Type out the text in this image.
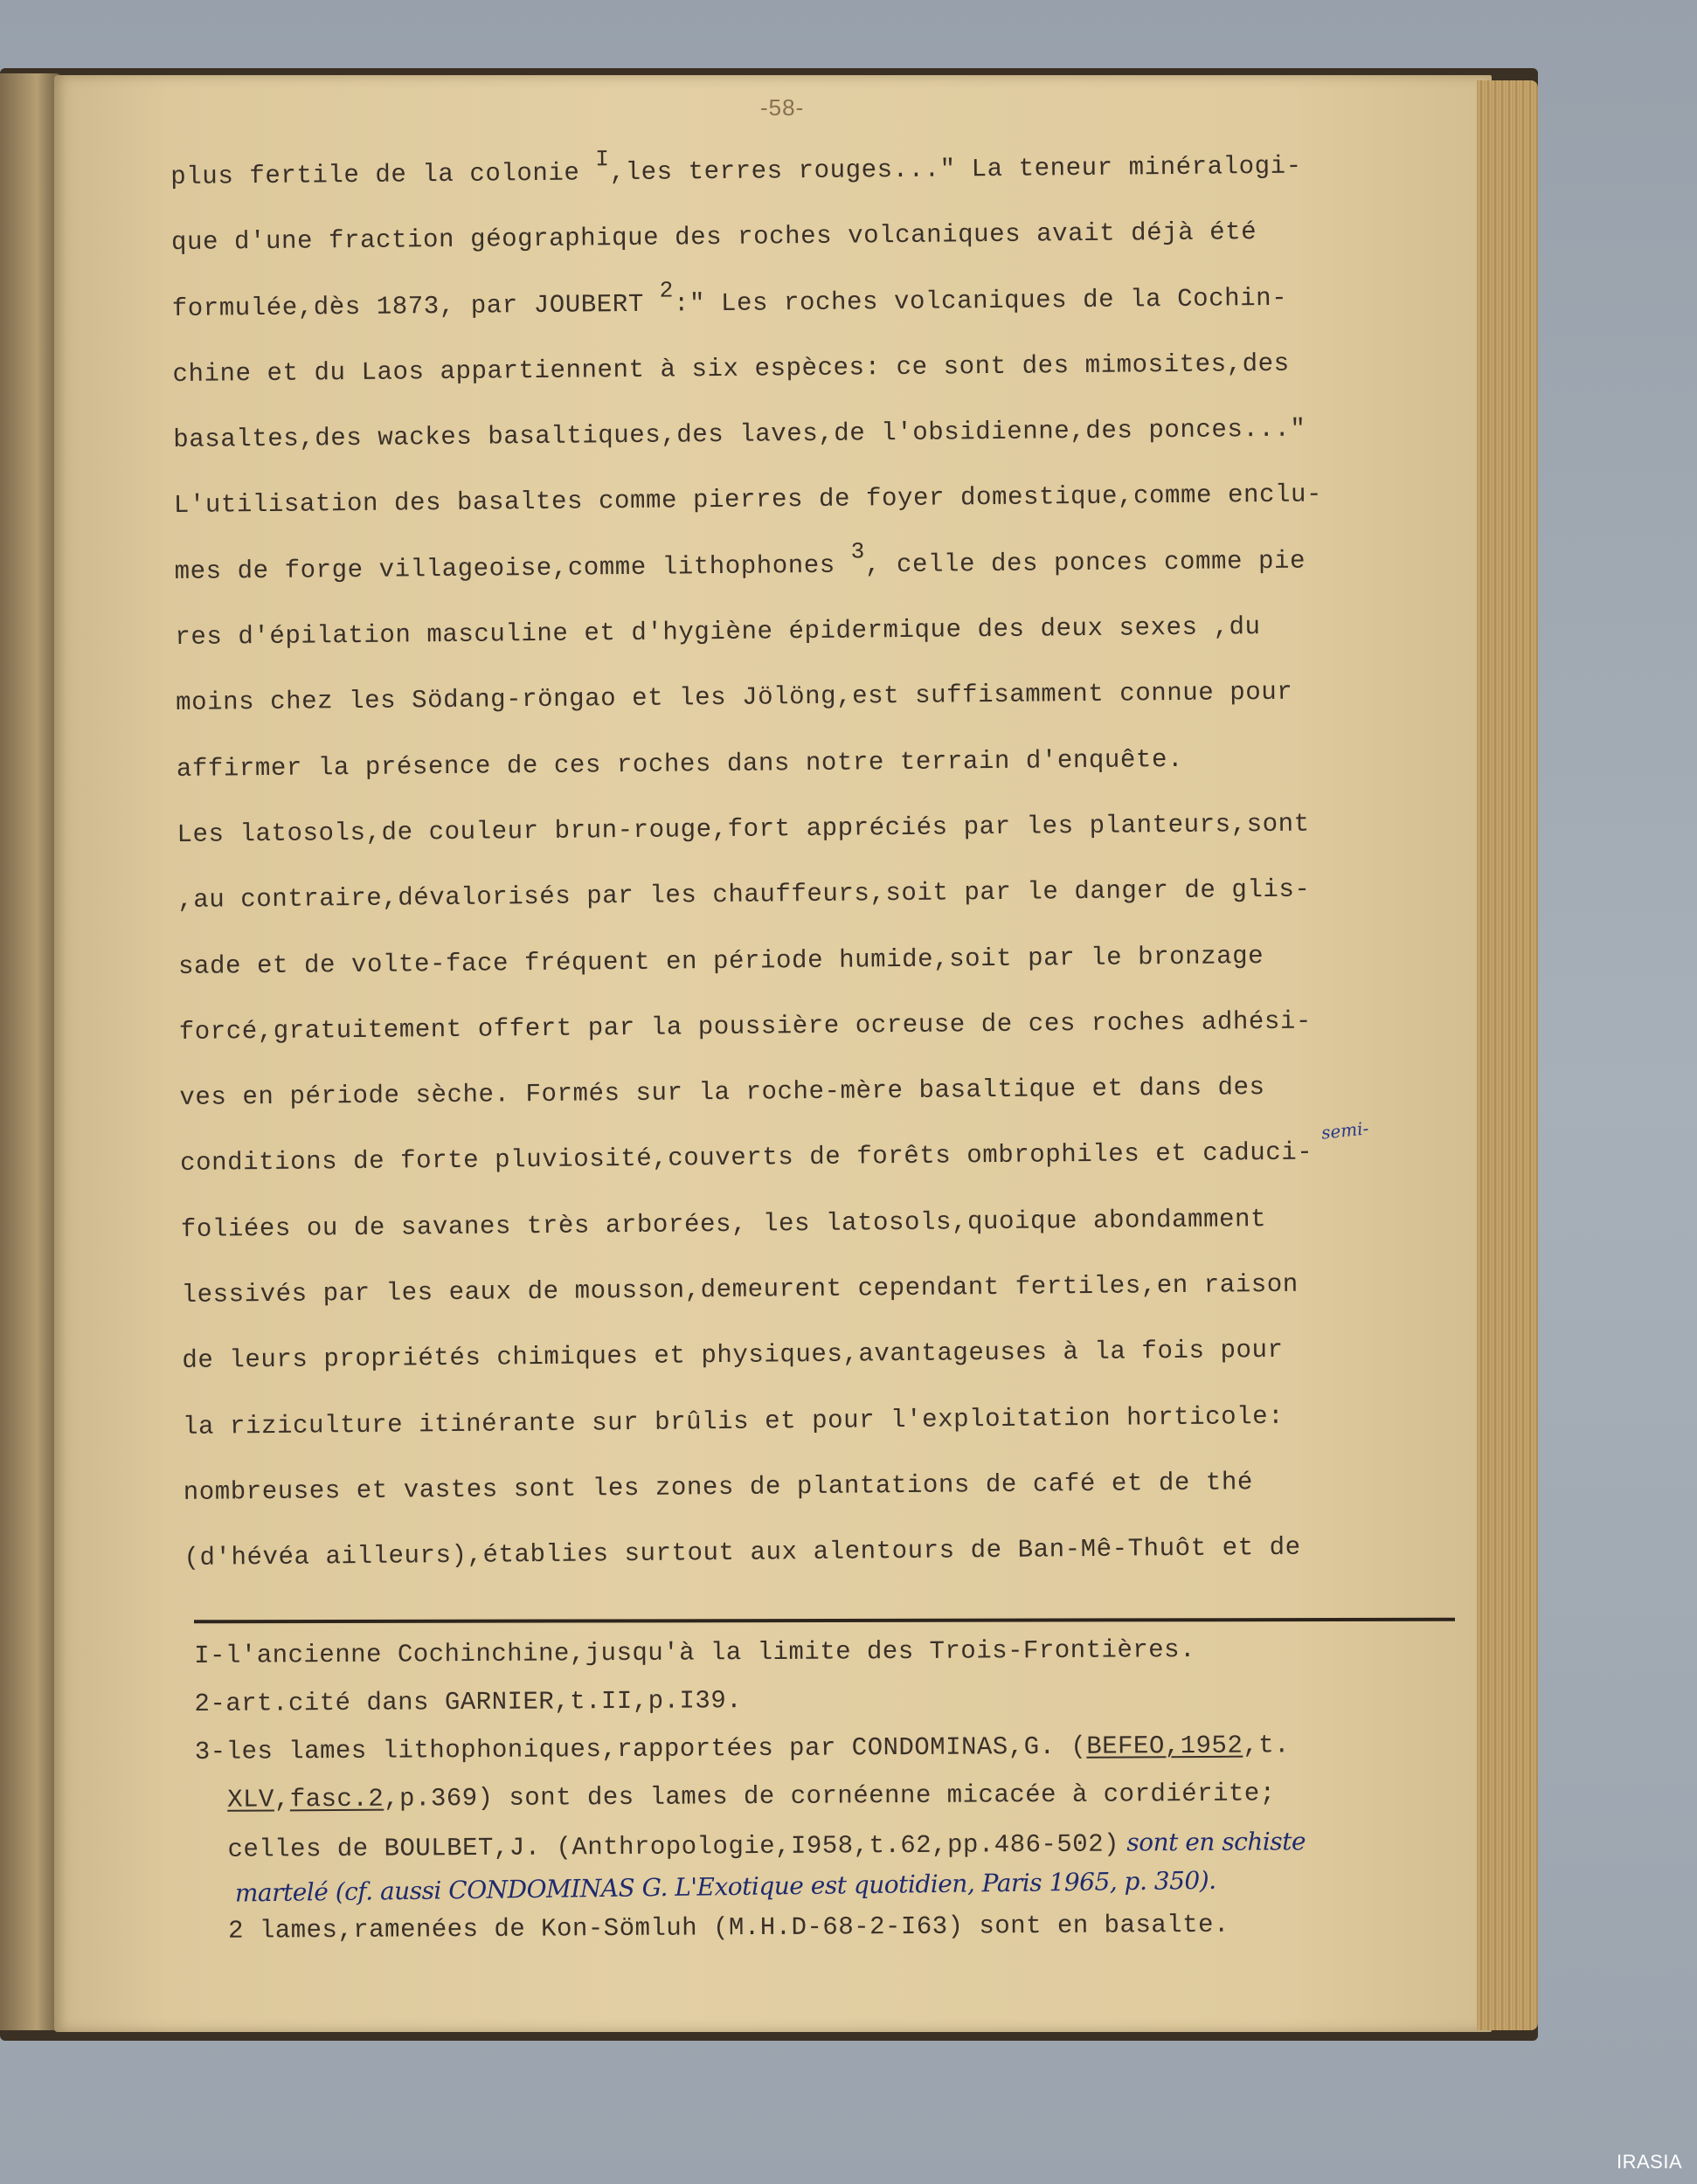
-58-
plus fertile de la colonie I,les terres rouges..." La teneur minéralogi-
que d'une fraction géographique des roches volcaniques avait déjà été
formulée,dès 1873, par JOUBERT 2:" Les roches volcaniques de la Cochin-
chine et du Laos appartiennent à six espèces: ce sont des mimosites,des
basaltes,des wackes basaltiques,des laves,de l'obsidienne,des ponces..."
L'utilisation des basaltes comme pierres de foyer domestique,comme enclu-
mes de forge villageoise,comme lithophones 3, celle des ponces comme pie
res d'épilation masculine et d'hygiène épidermique des deux sexes ,du
moins chez les Södang-röngao et les Jölöng,est suffisamment connue pour
affirmer la présence de ces roches dans notre terrain d'enquête.
Les latosols,de couleur brun-rouge,fort appréciés par les planteurs,sont
,au contraire,dévalorisés par les chauffeurs,soit par le danger de glis-
sade et de volte-face fréquent en période humide,soit par le bronzage
forcé,gratuitement offert par la poussière ocreuse de ces roches adhési-
ves en période sèche. Formés sur la roche-mère basaltique et dans des
conditions de forte pluviosité,couverts de forêts ombrophiles et caduci-
foliées ou de savanes très arborées, les latosols,quoique abondamment
lessivés par les eaux de mousson,demeurent cependant fertiles,en raison
de leurs propriétés chimiques et physiques,avantageuses à la fois pour
la riziculture itinérante sur brûlis et pour l'exploitation horticole:
nombreuses et vastes sont les zones de plantations de café et de thé
(d'hévéa ailleurs),établies surtout aux alentours de Ban-Mê-Thuôt et de
semi-
I-l'ancienne Cochinchine,jusqu'à la limite des Trois-Frontières.
2-art.cité dans GARNIER,t.II,p.I39.
3-les lames lithophoniques,rapportées par CONDOMINAS,G. (BEFEO,1952,t.
XLV,fasc.2,p.369) sont des lames de cornéenne micacée à cordiérite;
celles de BOULBET,J. (Anthropologie,I958,t.62,pp.486-502) sont en schiste
martelé (cf. aussi CONDOMINAS G. L'Exotique est quotidien, Paris 1965, p. 350).
2 lames,ramenées de Kon-Sömluh (M.H.D-68-2-I63) sont en basalte.
IRASIA
